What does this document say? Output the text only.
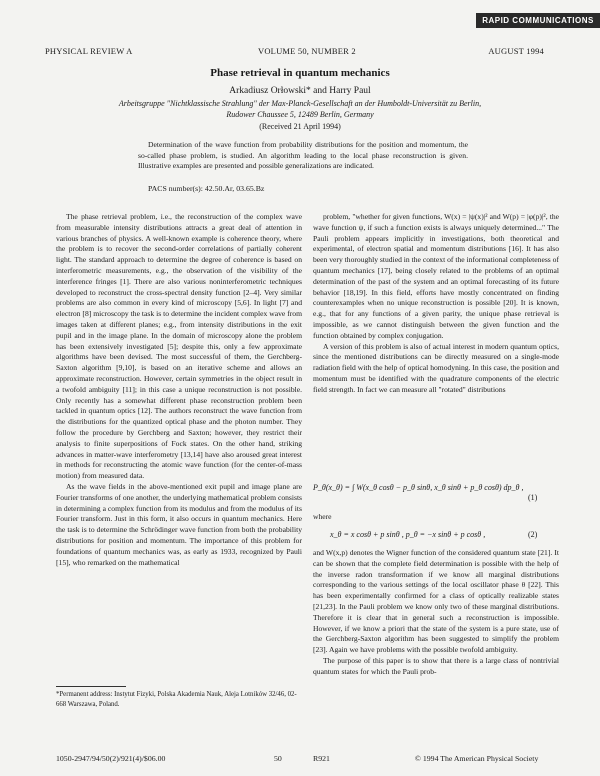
RAPID COMMUNICATIONS
PHYSICAL REVIEW A	VOLUME 50, NUMBER 2	AUGUST 1994
Phase retrieval in quantum mechanics
Arkadiusz Orłowski* and Harry Paul
Arbeitsgruppe "Nichtklassische Strahlung" der Max-Planck-Gesellschaft an der Humboldt-Universität zu Berlin,
Rudower Chaussee 5, 12489 Berlin, Germany
(Received 21 April 1994)
Determination of the wave function from probability distributions for the position and momentum, the so-called phase problem, is studied. An algorithm leading to the local phase reconstruction is given. Illustrative examples are presented and possible generalizations are indicated.
PACS number(s): 42.50.Ar, 03.65.Bz

The phase retrieval problem, i.e., the reconstruction of the complex wave from measurable intensity distributions attracts a great deal of attention in various branches of physics. A well-known example is coherence theory, where the problem is to recover the second-order correlations of partially coherent light. The standard approach to determine the degree of coherence is based on interferometric measurements, e.g., the observation of the visibility of the interference fringes [1]. There are also various noninterferometric techniques developed to reconstruct the cross-spectral density function [2–4]. Very similar problems are also common in every kind of microscopy [5,6]. In light [7] and electron [8] microscopy the task is to determine the incident complex wave from images taken at different planes; e.g., from intensity distributions in the exit pupil and in the image plane. In the domain of microscopy alone the problem has been extensively investigated [5]; despite this, only a few approximate algorithms have been devised. The most successful of them, the Gerchberg-Saxton algorithm [9,10], is based on an iterative scheme and allows an approximate reconstruction. However, certain symmetries in the object result in a twofold ambiguity [11]; in this case a unique reconstruction is not possible. Only recently has a somewhat different phase reconstruction problem been tackled in quantum optics [12]. The authors reconstruct the wave function from the distributions for the quantized optical phase and the photon number. They follow the procedure by Gerchberg and Saxton; however, they restrict their analysis to finite superpositions of Fock states. On the other hand, striking advances in matter-wave interferometry [13,14] have also aroused great interest in methods for reconstructing the atomic wave function (for the center-of-mass motion) from measured data.

As the wave fields in the above-mentioned exit pupil and image plane are Fourier transforms of one another, the underlying mathematical problem consists in determining a complex function from its modulus and from the modulus of its Fourier transform. Just in this form, it also occurs in quantum mechanics. Here the task is to determine the Schrödinger wave function from both the probability distributions for position and momentum. The importance of this problem for foundations of quantum mechanics was, as early as 1933, recognized by Pauli [15], who remarked on the mathematical

problem, "whether for given functions, W(x) = |ψ(x)|² and W(p) = |φ(p)|², the wave function ψ, if such a function exists is always uniquely determined..." The Pauli problem appears implicitly in investigations, both theoretical and experimental, of electron spatial and momentum distributions [16]. It has also been very thoroughly studied in the context of the informational completeness of quantum mechanics [17], being closely related to the problems of an optimal determination of the past of the system and an optimal forecasting of its future behavior [18,19]. In this field, efforts have mostly concentrated on finding counterexamples when no unique reconstruction is possible [20]. It is known, e.g., that for any functions of a given parity, the unique phase retrieval is impossible, as we cannot distinguish between the given function and the function obtained by complex conjugation.

A version of this problem is also of actual interest in modern quantum optics, since the mentioned distributions can be directly measured on a single-mode radiation field with the help of optical homodyning. In this case, the position and momentum must be identified with the quadrature components of the electric field strength. In fact we can measure all "rotated" distributions

P_θ(x_θ) = ∫ W(x_θ cosθ − p_θ sinθ, x_θ sinθ + p_θ cosθ) dp_θ ,
(1)
where
x_θ = x cosθ + p sinθ , p_θ = −x sinθ + p cosθ ,	(2)

and W(x,p) denotes the Wigner function of the considered quantum state [21]. It can be shown that the complete field determination is possible with the help of the inverse radon transformation if we know all marginal distributions corresponding to the various settings of the local oscillator phase θ [22]. This has been experimentally confirmed for a class of optically realizable states [21,23]. In the Pauli problem we know only two of these marginal distributions. Therefore it is clear that in general such a reconstruction is impossible. However, if we know a priori that the state of the system is a pure state, use of the Gerchberg-Saxton algorithm has been suggested to simplify the problem [23]. Again we have problems with the possible twofold ambiguity.

The purpose of this paper is to show that there is a large class of nontrivial quantum states for which the Pauli prob-

*Permanent address: Instytut Fizyki, Polska Akademia Nauk, Aleja Lotników 32/46, 02-668 Warszawa, Poland.
1050-2947/94/50(2)/921(4)/$06.00	50	R921	© 1994 The American Physical Society
